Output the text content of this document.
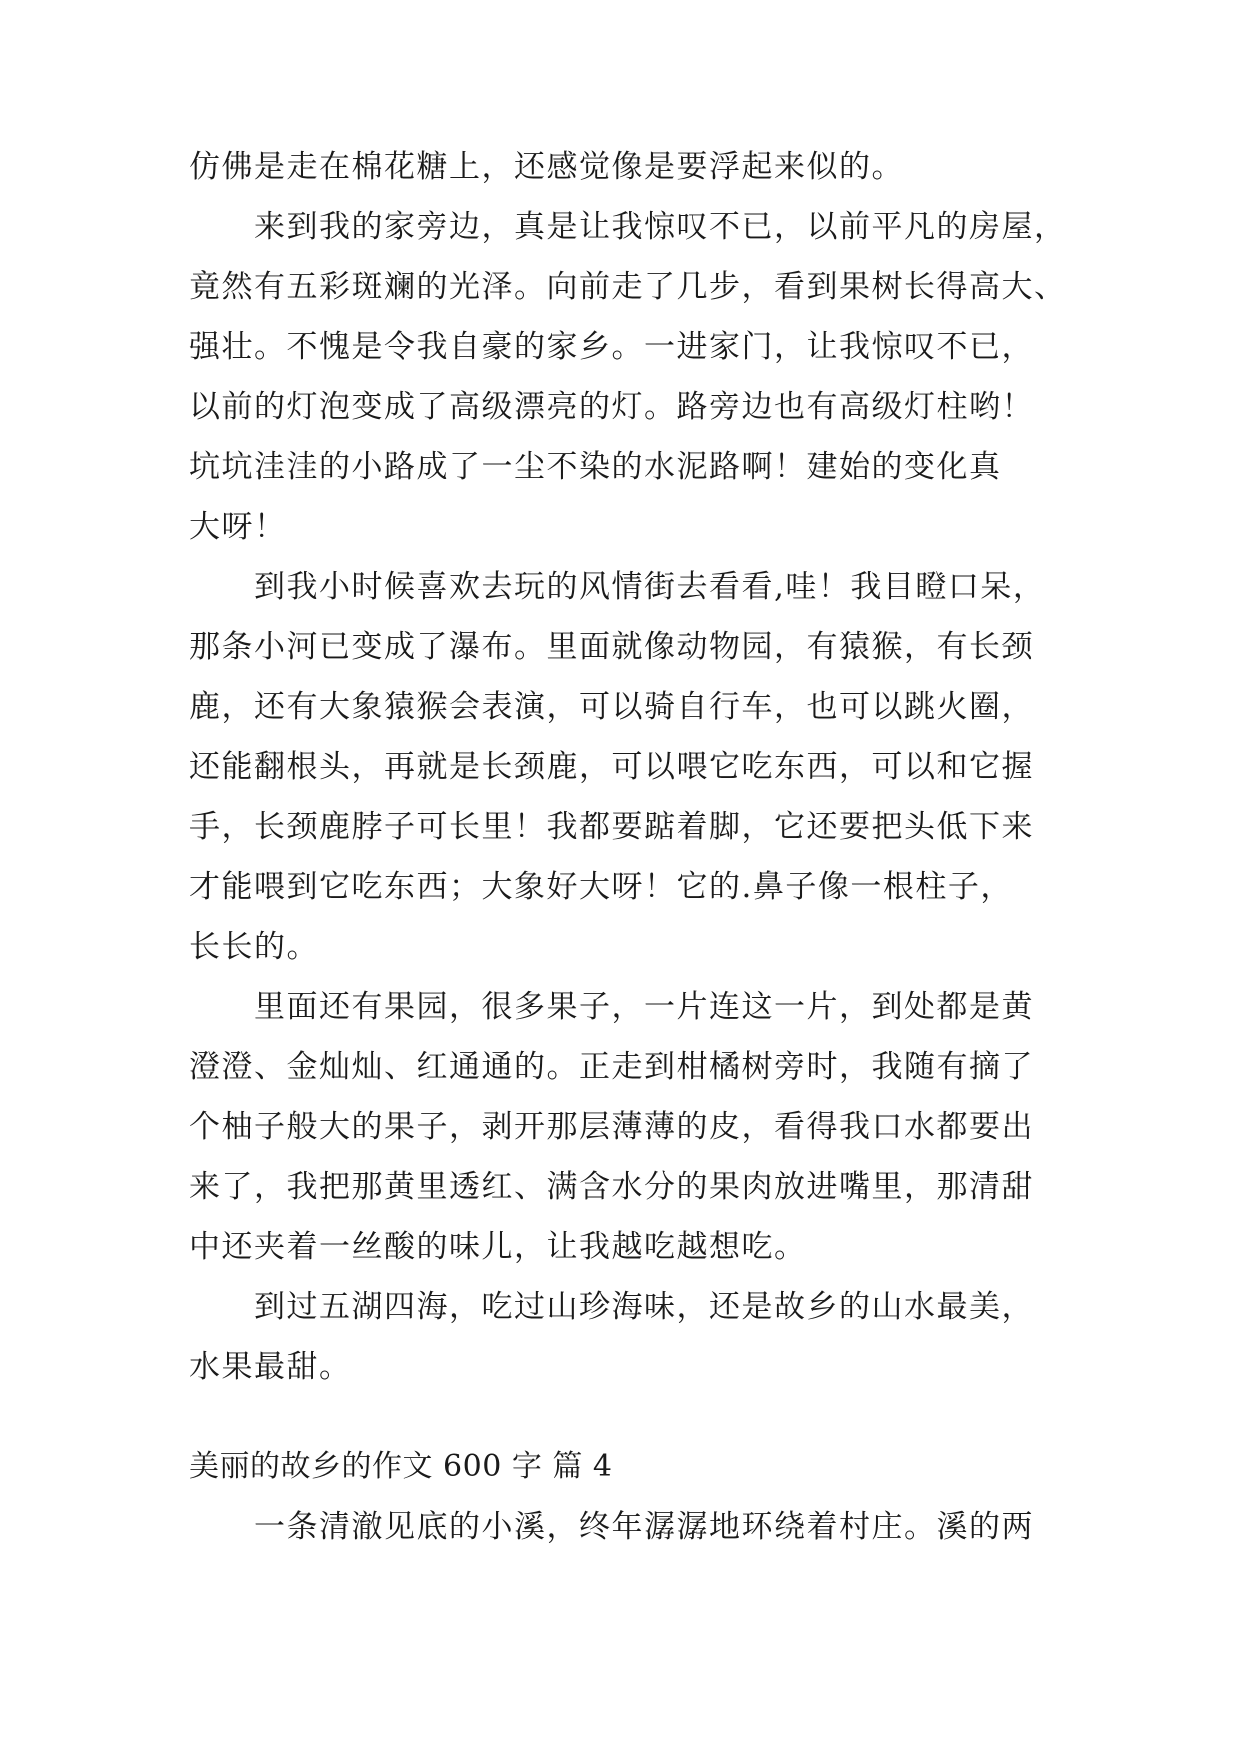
仿佛是走在棉花糖上，还感觉像是要浮起来似的。
来到我的家旁边，真是让我惊叹不已，以前平凡的房屋，
竟然有五彩斑斓的光泽。向前走了几步，看到果树长得高大、
强壮。不愧是令我自豪的家乡。一进家门，让我惊叹不已，
以前的灯泡变成了高级漂亮的灯。路旁边也有高级灯柱哟！
坑坑洼洼的小路成了一尘不染的水泥路啊！建始的变化真
大呀！
到我小时候喜欢去玩的风情街去看看,哇！我目瞪口呆，
那条小河已变成了瀑布。里面就像动物园，有猿猴，有长颈
鹿，还有大象猿猴会表演，可以骑自行车，也可以跳火圈，
还能翻根头，再就是长颈鹿，可以喂它吃东西，可以和它握
手，长颈鹿脖子可长里！我都要踮着脚，它还要把头低下来
才能喂到它吃东西；大象好大呀！它的.鼻子像一根柱子，
长长的。
里面还有果园，很多果子，一片连这一片，到处都是黄
澄澄、金灿灿、红通通的。正走到柑橘树旁时，我随有摘了
个柚子般大的果子，剥开那层薄薄的皮，看得我口水都要出
来了，我把那黄里透红、满含水分的果肉放进嘴里，那清甜
中还夹着一丝酸的味儿，让我越吃越想吃。
到过五湖四海，吃过山珍海味，还是故乡的山水最美，
水果最甜。
美丽的故乡的作文 600 字 篇 4
一条清澈见底的小溪，终年潺潺地环绕着村庄。溪的两
